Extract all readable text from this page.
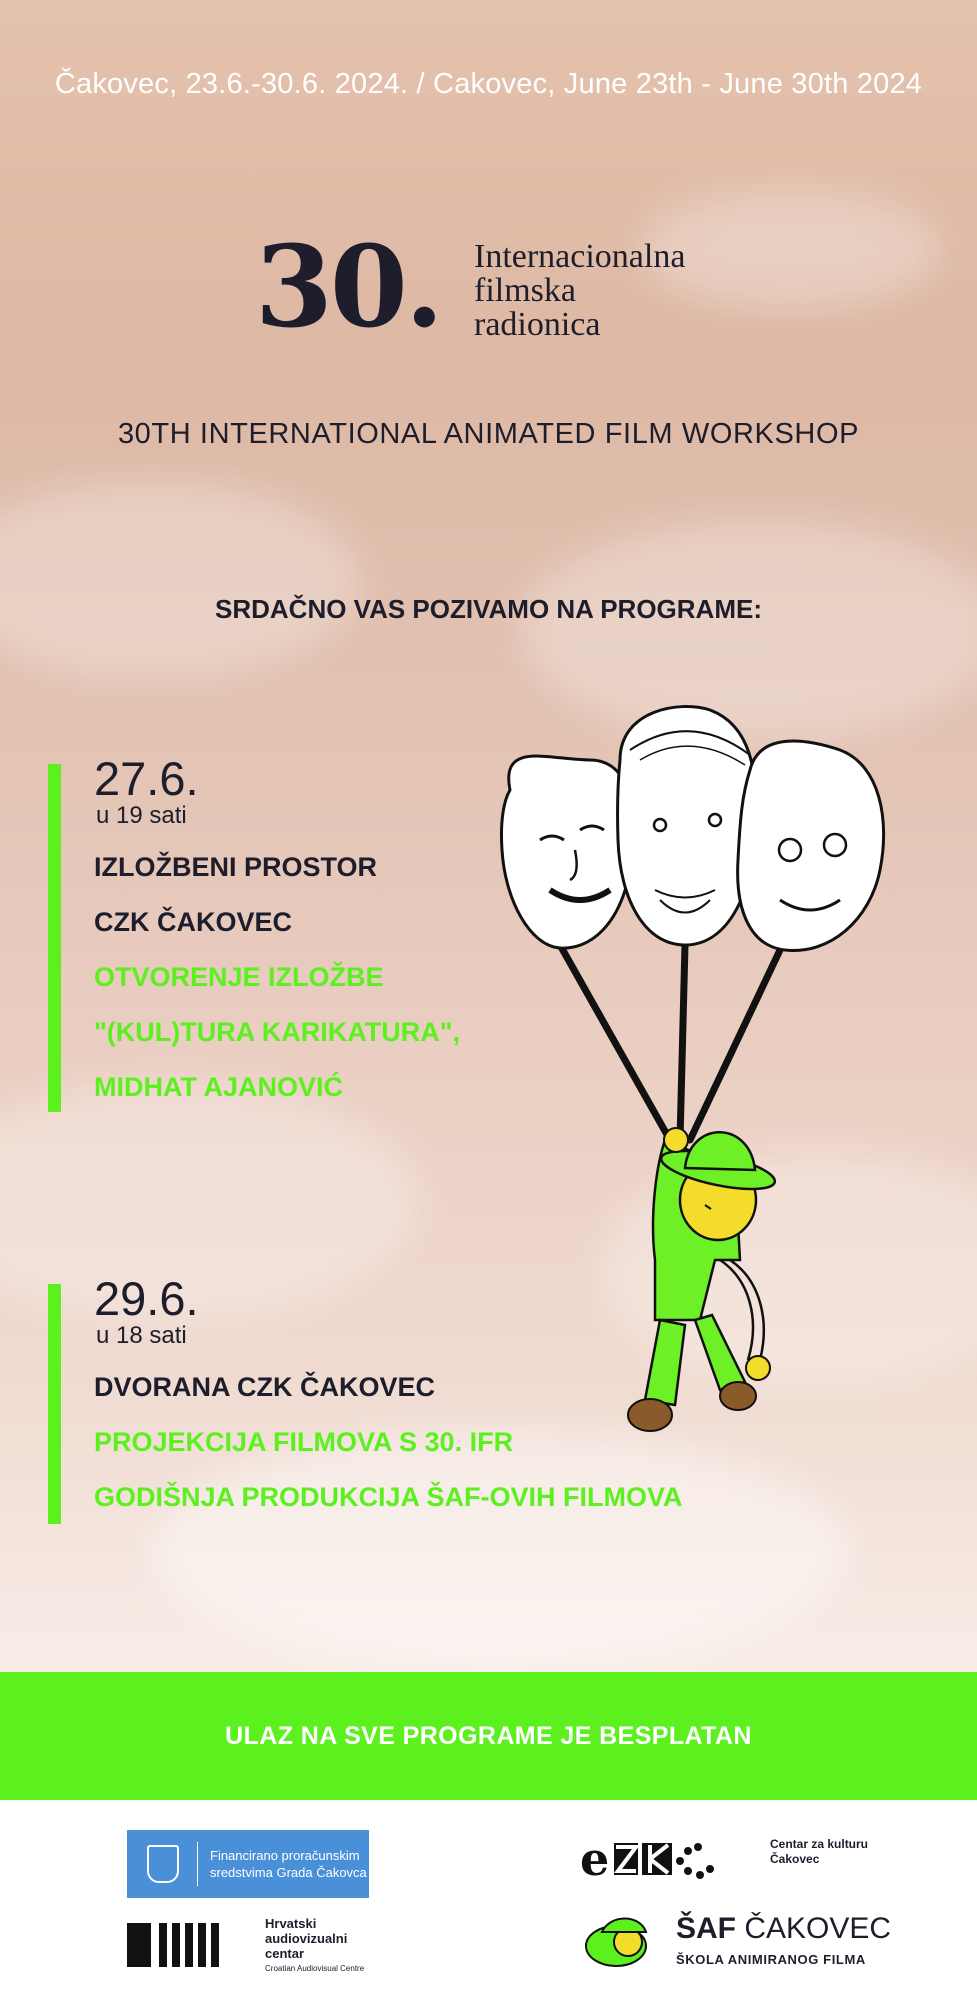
Čakovec, 23.6.-30.6. 2024. / Cakovec, June 23th - June 30th 2024
30. Internacionalna
filmska
radionica
30TH INTERNATIONAL ANIMATED FILM WORKSHOP
SRDAČNO VAS POZIVAMO NA PROGRAME:
27.6.
u 19 sati
IZLOŽBENI PROSTOR
CZK ČAKOVEC
OTVORENJE IZLOŽBE
"(KUL)TURA KARIKATURA",
MIDHAT AJANOVIĆ
29.6.
u 18 sati
DVORANA CZK ČAKOVEC
PROJEKCIJA FILMOVA S 30. IFR
GODIŠNJA PRODUKCIJA ŠAF-OVIH FILMOVA
ULAZ NA SVE PROGRAME JE BESPLATAN
Financirano proračunskim
sredstvima Grada Čakovca
Hrvatski
audiovizualni
centar
Croatian Audiovisual Centre
e	Centar za kulturu
Čakovec
ŠAF ČAKOVEC
ŠKOLA ANIMIRANOG FILMA
